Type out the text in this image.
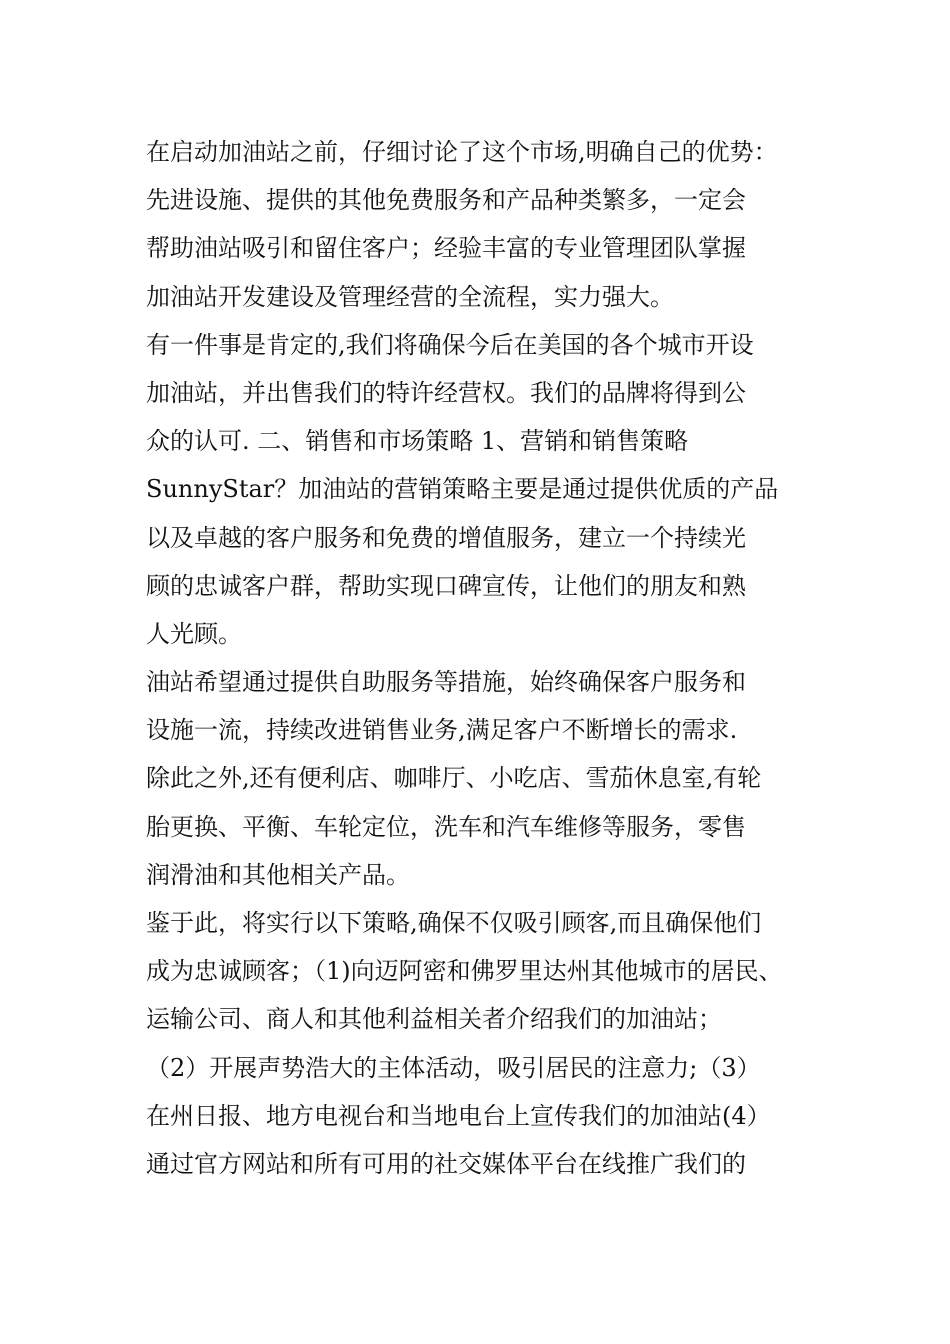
在启动加油站之前，仔细讨论了这个市场,明确自己的优势：
先进设施、提供的其他免费服务和产品种类繁多，一定会
帮助油站吸引和留住客户；经验丰富的专业管理团队掌握
加油站开发建设及管理经营的全流程，实力强大。
有一件事是肯定的,我们将确保今后在美国的各个城市开设
加油站，并出售我们的特许经营权。我们的品牌将得到公
众的认可. 二、销售和市场策略 1、营销和销售策略
SunnyStar？加油站的营销策略主要是通过提供优质的产品
以及卓越的客户服务和免费的增值服务，建立一个持续光
顾的忠诚客户群，帮助实现口碑宣传，让他们的朋友和熟
人光顾。
油站希望通过提供自助服务等措施，始终确保客户服务和
设施一流，持续改进销售业务,满足客户不断增长的需求.
除此之外,还有便利店、咖啡厅、小吃店、雪茄休息室,有轮
胎更换、平衡、车轮定位，洗车和汽车维修等服务，零售
润滑油和其他相关产品。
鉴于此，将实行以下策略,确保不仅吸引顾客,而且确保他们
成为忠诚顾客；（1)向迈阿密和佛罗里达州其他城市的居民、
运输公司、商人和其他利益相关者介绍我们的加油站；
（2）开展声势浩大的主体活动，吸引居民的注意力;（3）
在州日报、地方电视台和当地电台上宣传我们的加油站(4）
通过官方网站和所有可用的社交媒体平台在线推广我们的
